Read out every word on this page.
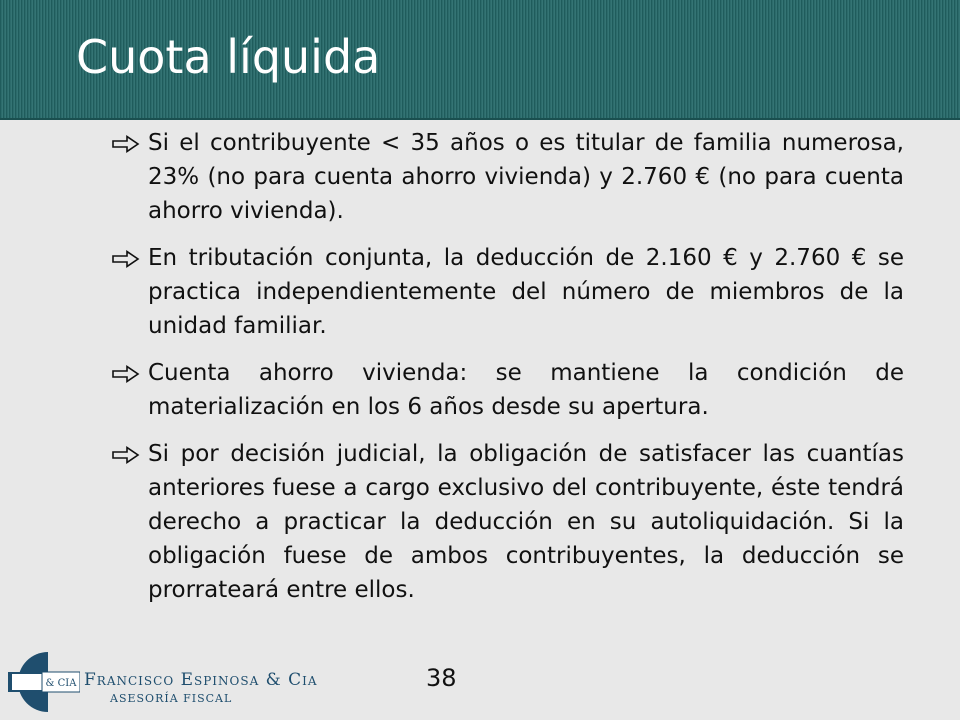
Cuota líquida
Si el contribuyente < 35 años o es titular de familia numerosa, 23% (no para cuenta ahorro vivienda) y 2.760 € (no para cuenta ahorro vivienda).
En tributación conjunta, la deducción de 2.160 € y 2.760 € se practica independientemente del número de miembros de la unidad familiar.
Cuenta ahorro vivienda: se mantiene la condición de materialización en los 6 años desde su apertura.
Si por decisión judicial, la obligación de satisfacer las cuantías anteriores fuese a cargo exclusivo del contribuyente, éste tendrá derecho a practicar la deducción en su autoliquidación. Si la obligación fuese de ambos contribuyentes, la deducción se prorrateará entre ellos.
& CIA Francisco Espinosa & Cia
ASESORÍA FISCAL
38
